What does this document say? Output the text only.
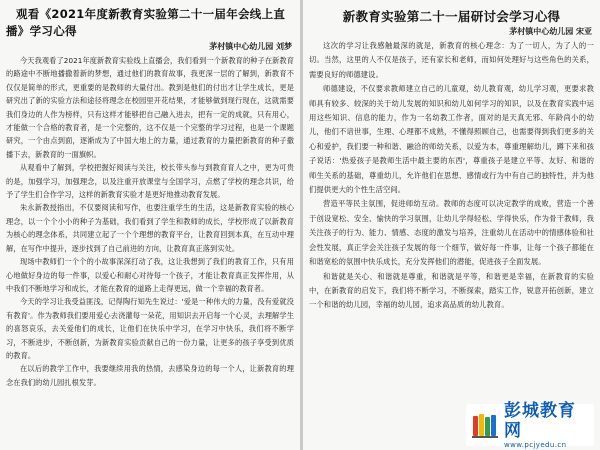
观看《2021年度新教育实验第二十一届年会线上直播》学习心得
茅村镇中心幼儿园 刘梦

今天我观看了2021年度新教育实验线上直播会，我们看到一个新教育的种子在新教育的路途中不断地播撒着新的梦想，通过他们的教育故事，我更深一层的了解到，新教育不仅仅是简单的形式，更重要的是教师的大量付出。教到是他们的付出才让学生成长，更是研究出了新的实验方法和途径将理念在校园里开花结果，才能够做到现行现在，这就需要我们身边的人作为榜样，只有这样才能够把自己融入进去，把有一定的成就，只有用心，才能做一个合格的教育者，是一个完整的，这不仅是一个完整的学习过程，也是一个课题研究，一个由点到面，逐渐成为了中国大地上的力量，通过教育的力量把新教育的种子撒播下去，新教育的一面旗帜。

从观看中了解到，学校把握好阅读与关注，校长带头参与到教育育人之中，更为可贵的是，加强学习，加强理念，以及注重开放课堂与全国学习，点燃了学校的理念共识，给予了学生们合作学习，这样的新教育实验才是更好地推动教育发展。

朱永新教授指出，不仅要阅读和写作，也要注重学生的生活，这是新教育实验的核心理念，以一个个小小的种子为基础，我们看到了学生和教师的成长，学校形成了以新教育为核心的理念体系，共同建立起了一个个理想的教育平台，让教育回到本真，在互动中理解，在写作中提升，逐步找到了自己前进的方向，让教育真正落到实处。

现场中教师们一个个的小故事深深打动了我，这让我想到了我们的教育工作，只有用心地做好身边的每一件事，以爱心和耐心对待每一个孩子，才能让教育真正发挥作用，从中我们不断地学习和成长，才能在教育的道路上走得更远，做一个幸福的教育者。

今天的学习让我受益匪浅，记得陶行知先生说过：'爱是一种伟大的力量，没有爱就没有教育'。作为教师我们要用爱心去浇灌每一朵花，用知识去开启每一个心灵，去理解学生的喜怒哀乐，去关爱他们的成长，让他们在快乐中学习，在学习中快乐，我们将不断学习，不断进步，不断创新，为新教育实验贡献自己的一份力量，让更多的孩子享受到优质的教育。

在以后的教学工作中，我要继续用我的热情，去感染身边的每一个人，让新教育的理念在我们的幼儿园扎根发芽。

新教育实验第二十一届研讨会学习心得
茅村镇中心幼儿园 宋亚

这次的学习让我感触最深的就是，新教育的核心理念：为了一切人，为了人的一切。当然，这里的人不仅是孩子，还有家长和老师，而如何处理好与这些角色的关系，需要良好的师德建设。

师德建设，不仅要求教师建立自己的儿童观，幼儿教育观，幼儿学习观，更要求教师具有较多、较深的关于幼儿发展的知识和幼儿如何学习的知识，以及在教育实践中运用这些知识、信息的能力，作为一名幼教工作者，面对的是天真无邪、年龄尚小的幼儿，他们不谙世事，生理、心理都不成熟，不懂得照顾自己，也需要得到我们更多的关心和爱护，我们要一种和谐、融洽的师幼关系，以爱为本，尊重理解幼儿，蹲下来和孩子说话：'热爱孩子是教师生活中最主要的东西'，尊重孩子是建立平等、友好、和谐的师生关系的基础，尊重幼儿，允许他们在思想、感情或行为中有自己的独特性，并为他们提供更大的个性生活空间。

营造平等民主氛围，促进师幼互动。教师的态度可以决定教学的成败，营造一个善于创设宽松、安全、愉快的学习氛围，让幼儿学得轻松、学得快乐，作为骨干教师，我关注孩子的行为、能力、情感、态度的激发与培养，注重幼儿在活动中的情感体验和社会性发展，真正学会关注孩子发展的每一个细节，做好每一件事，让每一个孩子都能在和谐宽松的氛围中快乐成长，充分发挥他们的潜能，促进孩子全面发展。

和谐就是关心、和谐就是尊重，和谐就是平等，和谐更是幸福，在新教育的实验中，在新教育的启发下，我们将不断学习，不断探索，踏实工作，锐意开拓创新，建立一个和谐的幼儿园，幸福的幼儿园，追求高品质的幼儿教育。

彭城教育网
www.pcjyedu.cn
